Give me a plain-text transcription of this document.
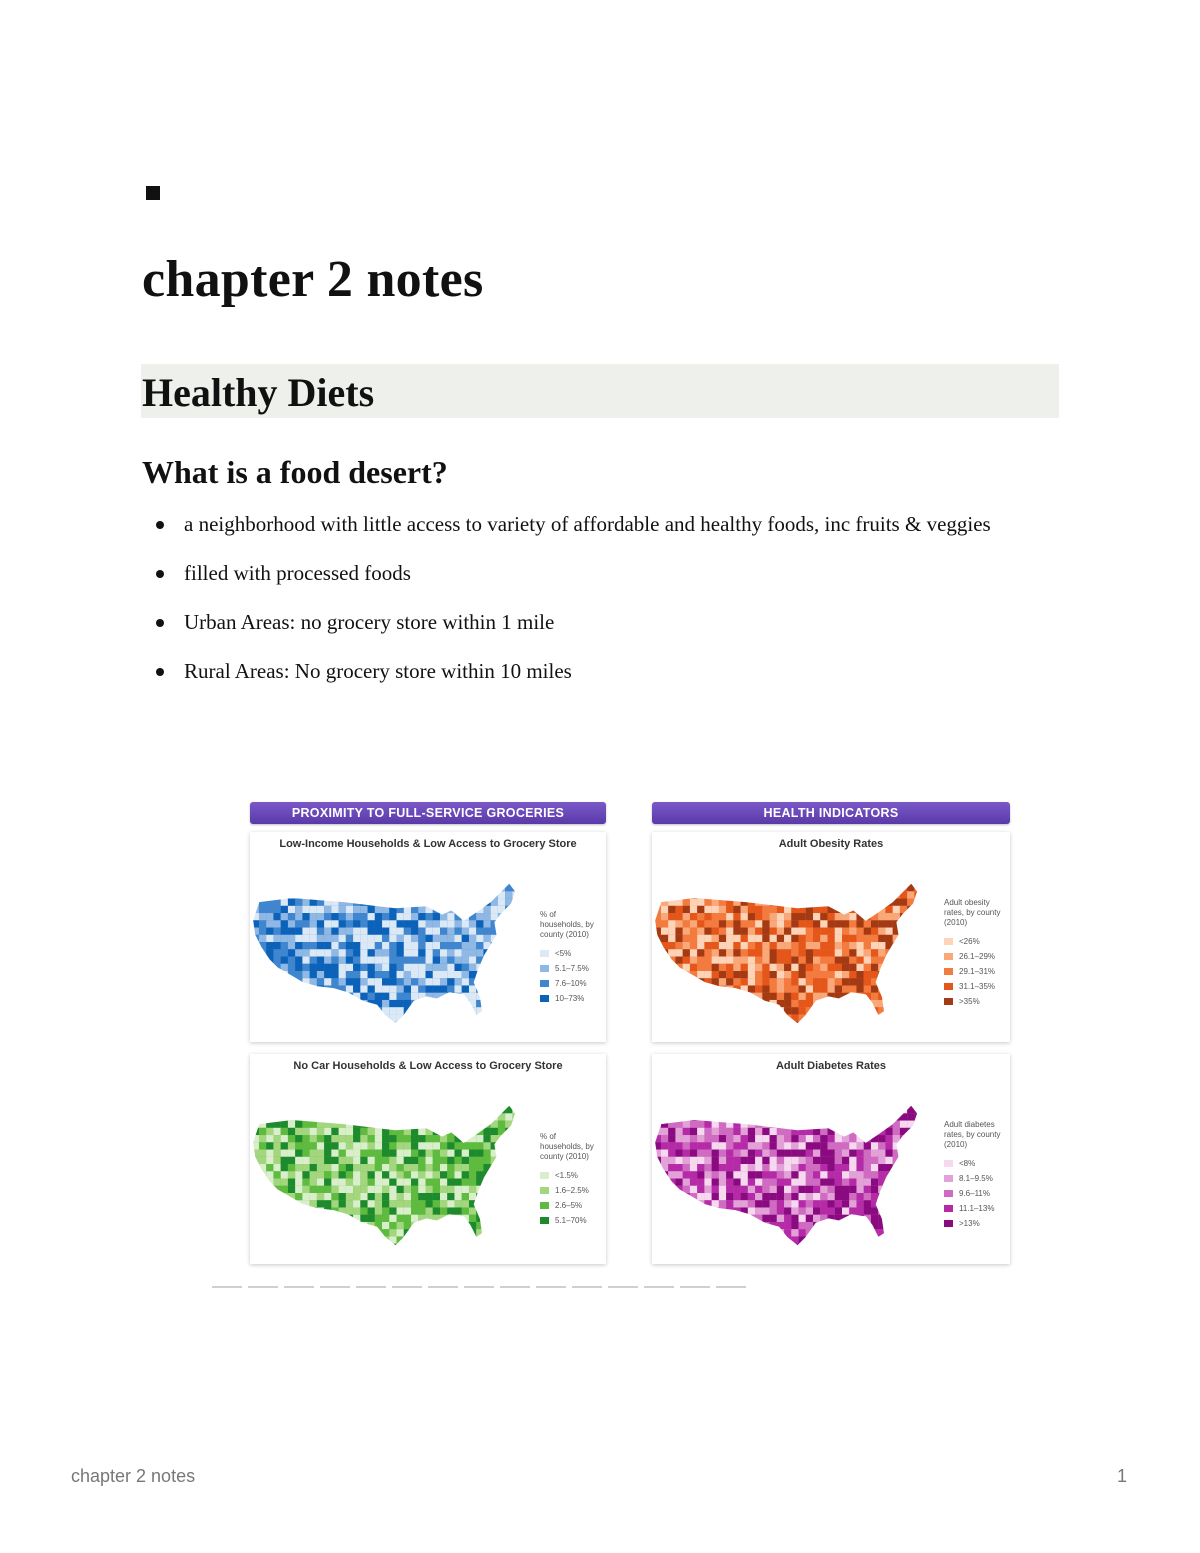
chapter 2 notes
Healthy Diets
What is a food desert?
a neighborhood with little access to variety of affordable and healthy foods, inc fruits & veggies
filled with processed foods
Urban Areas: no grocery store within 1 mile
Rural Areas: No grocery store within 10 miles
PROXIMITY TO FULL-SERVICE GROCERIES	HEALTH INDICATORS
Low-Income Households & Low Access to Grocery Store
% of households, by county (2010)
<5%
5.1–7.5%
7.6–10%
10–73%
Adult Obesity Rates
Adult obesity rates, by county (2010)
<26%
26.1–29%
29.1–31%
31.1–35%
>35%
No Car Households & Low Access to Grocery Store
% of households, by county (2010)
<1.5%
1.6–2.5%
2.6–5%
5.1–70%
Adult Diabetes Rates
Adult diabetes rates, by county (2010)
<8%
8.1–9.5%
9.6–11%
11.1–13%
>13%
chapter 2 notes	1
